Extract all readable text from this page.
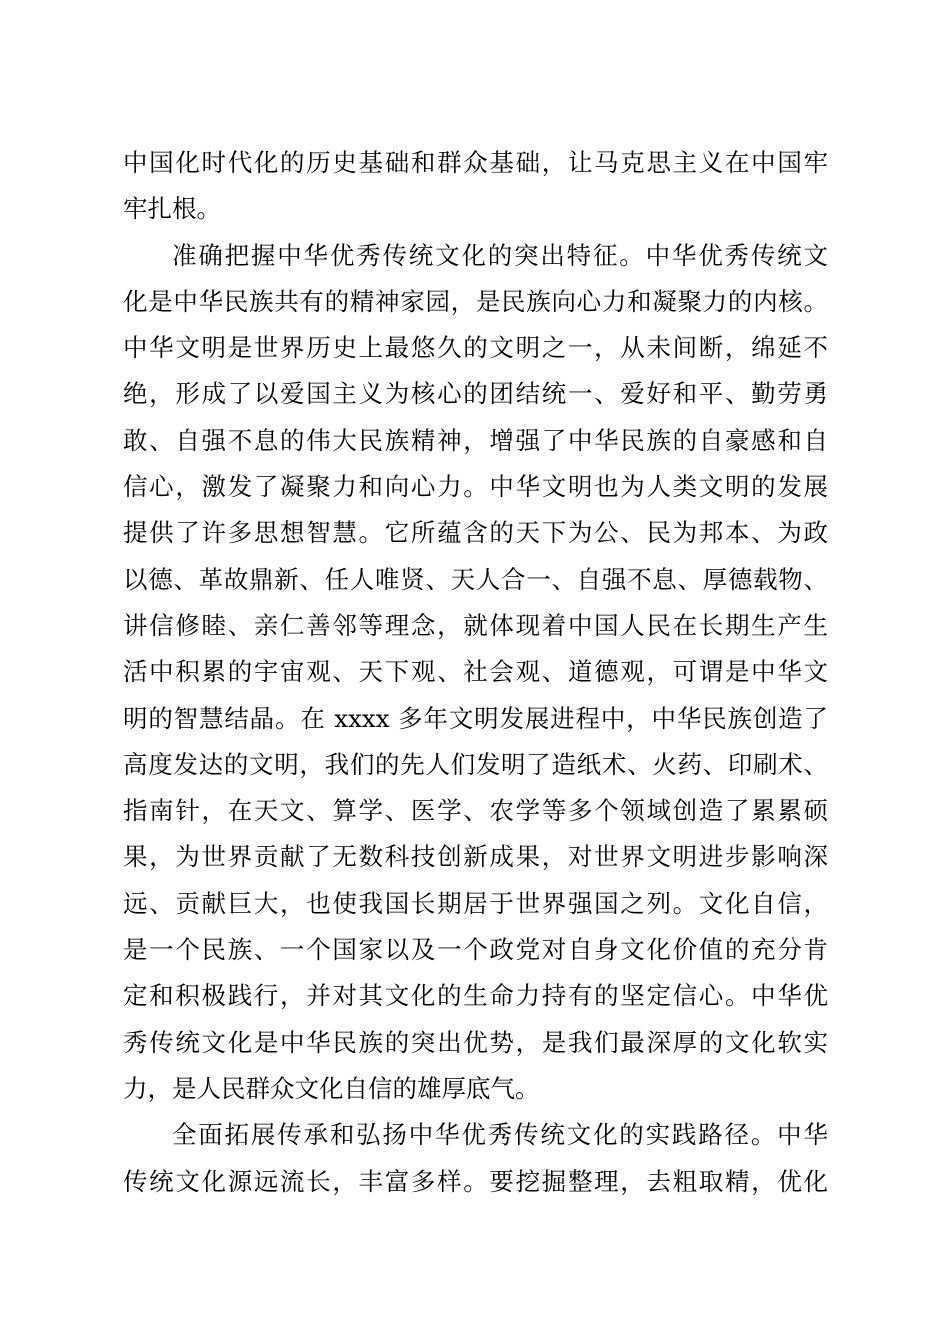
中国化时代化的历史基础和群众基础，让马克思主义在中国牢
牢扎根。
准确把握中华优秀传统文化的突出特征。中华优秀传统文
化是中华民族共有的精神家园，是民族向心力和凝聚力的内核。
中华文明是世界历史上最悠久的文明之一，从未间断，绵延不
绝，形成了以爱国主义为核心的团结统一、爱好和平、勤劳勇
敢、自强不息的伟大民族精神，增强了中华民族的自豪感和自
信心，激发了凝聚力和向心力。中华文明也为人类文明的发展
提供了许多思想智慧。它所蕴含的天下为公、民为邦本、为政
以德、革故鼎新、任人唯贤、天人合一、自强不息、厚德载物、
讲信修睦、亲仁善邻等理念，就体现着中国人民在长期生产生
活中积累的宇宙观、天下观、社会观、道德观，可谓是中华文
明的智慧结晶。在 xxxx 多年文明发展进程中，中华民族创造了
高度发达的文明，我们的先人们发明了造纸术、火药、印刷术、
指南针，在天文、算学、医学、农学等多个领域创造了累累硕
果，为世界贡献了无数科技创新成果，对世界文明进步影响深
远、贡献巨大，也使我国长期居于世界强国之列。文化自信，
是一个民族、一个国家以及一个政党对自身文化价值的充分肯
定和积极践行，并对其文化的生命力持有的坚定信心。中华优
秀传统文化是中华民族的突出优势，是我们最深厚的文化软实
力，是人民群众文化自信的雄厚底气。
全面拓展传承和弘扬中华优秀传统文化的实践路径。中华
传统文化源远流长，丰富多样。要挖掘整理，去粗取精，优化
